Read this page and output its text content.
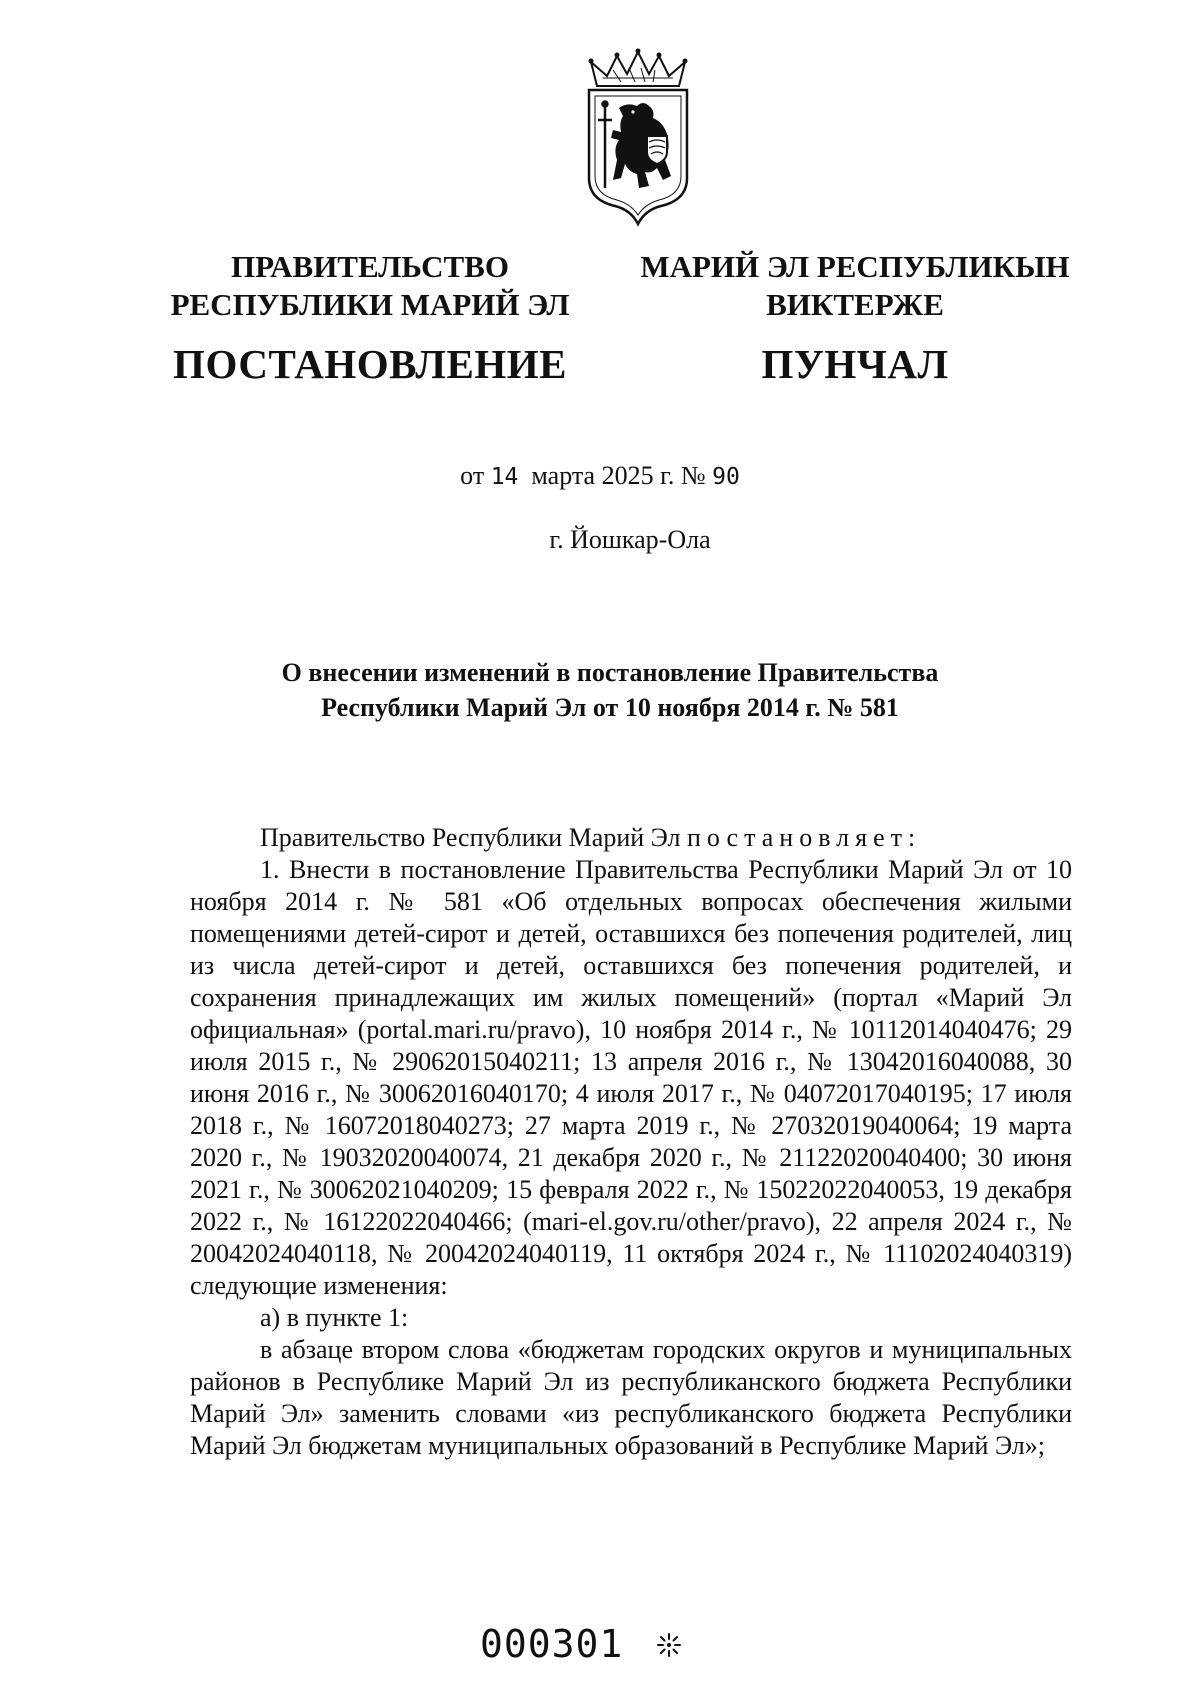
ПРАВИТЕЛЬСТВО
РЕСПУБЛИКИ МАРИЙ ЭЛ
ПОСТАНОВЛЕНИЕ
МАРИЙ ЭЛ РЕСПУБЛИКЫН
ВИКТЕРЖЕ
ПУНЧАЛ
от 14 марта 2025 г. № 90
г. Йошкар-Ола
О внесении изменений в постановление Правительства
Республики Марий Эл от 10 ноября 2014 г. № 581

Правительство Республики Марий Эл постановляет:

1. Внести в постановление Правительства Республики Марий Эл от 10 ноября 2014 г. № 581 «Об отдельных вопросах обеспечения жилыми помещениями детей-сирот и детей, оставшихся без попечения родителей, лиц из числа детей-сирот и детей, оставшихся без попечения родителей, и сохранения принадлежащих им жилых помещений» (портал «Марий Эл официальная» (portal.mari.ru/pravo), 10 ноября 2014 г., № 10112014040476; 29 июля 2015 г., № 29062015040211; 13 апреля 2016 г., № 13042016040088, 30 июня 2016 г., № 30062016040170; 4 июля 2017 г., № 04072017040195; 17 июля 2018 г., № 16072018040273; 27 марта 2019 г., № 27032019040064; 19 марта 2020 г., № 19032020040074, 21 декабря 2020 г., № 21122020040400; 30 июня 2021 г., № 30062021040209; 15 февраля 2022 г., № 15022022040053, 19 декабря 2022 г., № 16122022040466; (mari-el.gov.ru/other/pravo), 22 апреля 2024 г., № 20042024040118, № 20042024040119, 11 октября 2024 г., № 11102024040319) следующие изменения:

а) в пункте 1:

в абзаце втором слова «бюджетам городских округов и муниципальных районов в Республике Марий Эл из республиканского бюджета Республики Марий Эл» заменить словами «из республиканского бюджета Республики Марий Эл бюджетам муниципальных образований в Республике Марий Эл»;

000301
